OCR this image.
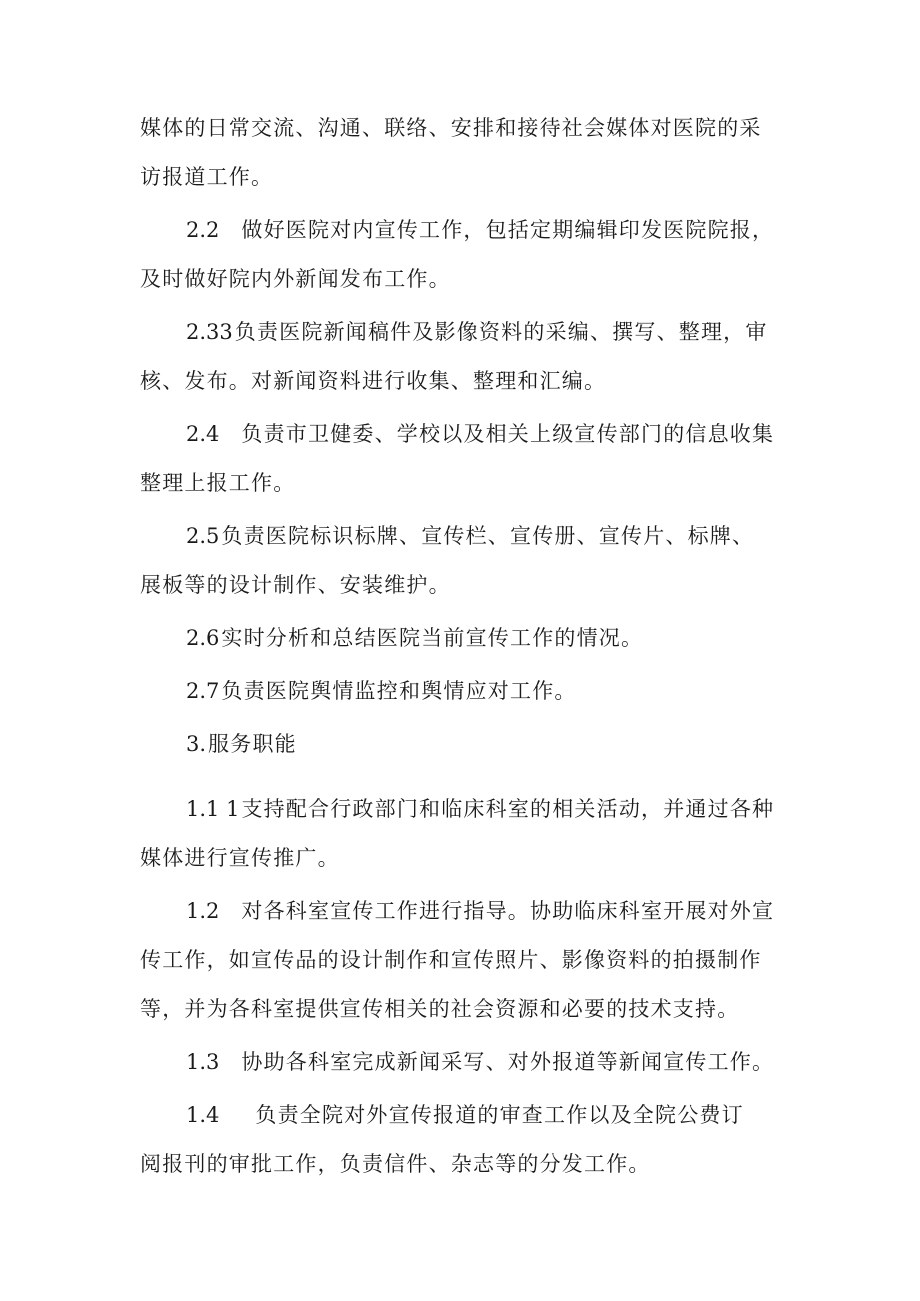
媒体的日常交流、沟通、联络、安排和接待社会媒体对医院的采
访报道工作。

2.2 做好医院对内宣传工作，包括定期编辑印发医院院报，
及时做好院内外新闻发布工作。

2.33负责医院新闻稿件及影像资料的采编、撰写、整理，审
核、发布。对新闻资料进行收集、整理和汇编。

2.4 负责市卫健委、学校以及相关上级宣传部门的信息收集
整理上报工作。

2.5负责医院标识标牌、宣传栏、宣传册、宣传片、标牌、
展板等的设计制作、安装维护。

2.6实时分析和总结医院当前宣传工作的情况。

2.7负责医院舆情监控和舆情应对工作。

3.服务职能

1.1 1支持配合行政部门和临床科室的相关活动，并通过各种
媒体进行宣传推广。

1.2 对各科室宣传工作进行指导。协助临床科室开展对外宣
传工作，如宣传品的设计制作和宣传照片、影像资料的拍摄制作
等，并为各科室提供宣传相关的社会资源和必要的技术支持。

1.3 协助各科室完成新闻采写、对外报道等新闻宣传工作。

1.4 负责全院对外宣传报道的审查工作以及全院公费订
阅报刊的审批工作，负责信件、杂志等的分发工作。
